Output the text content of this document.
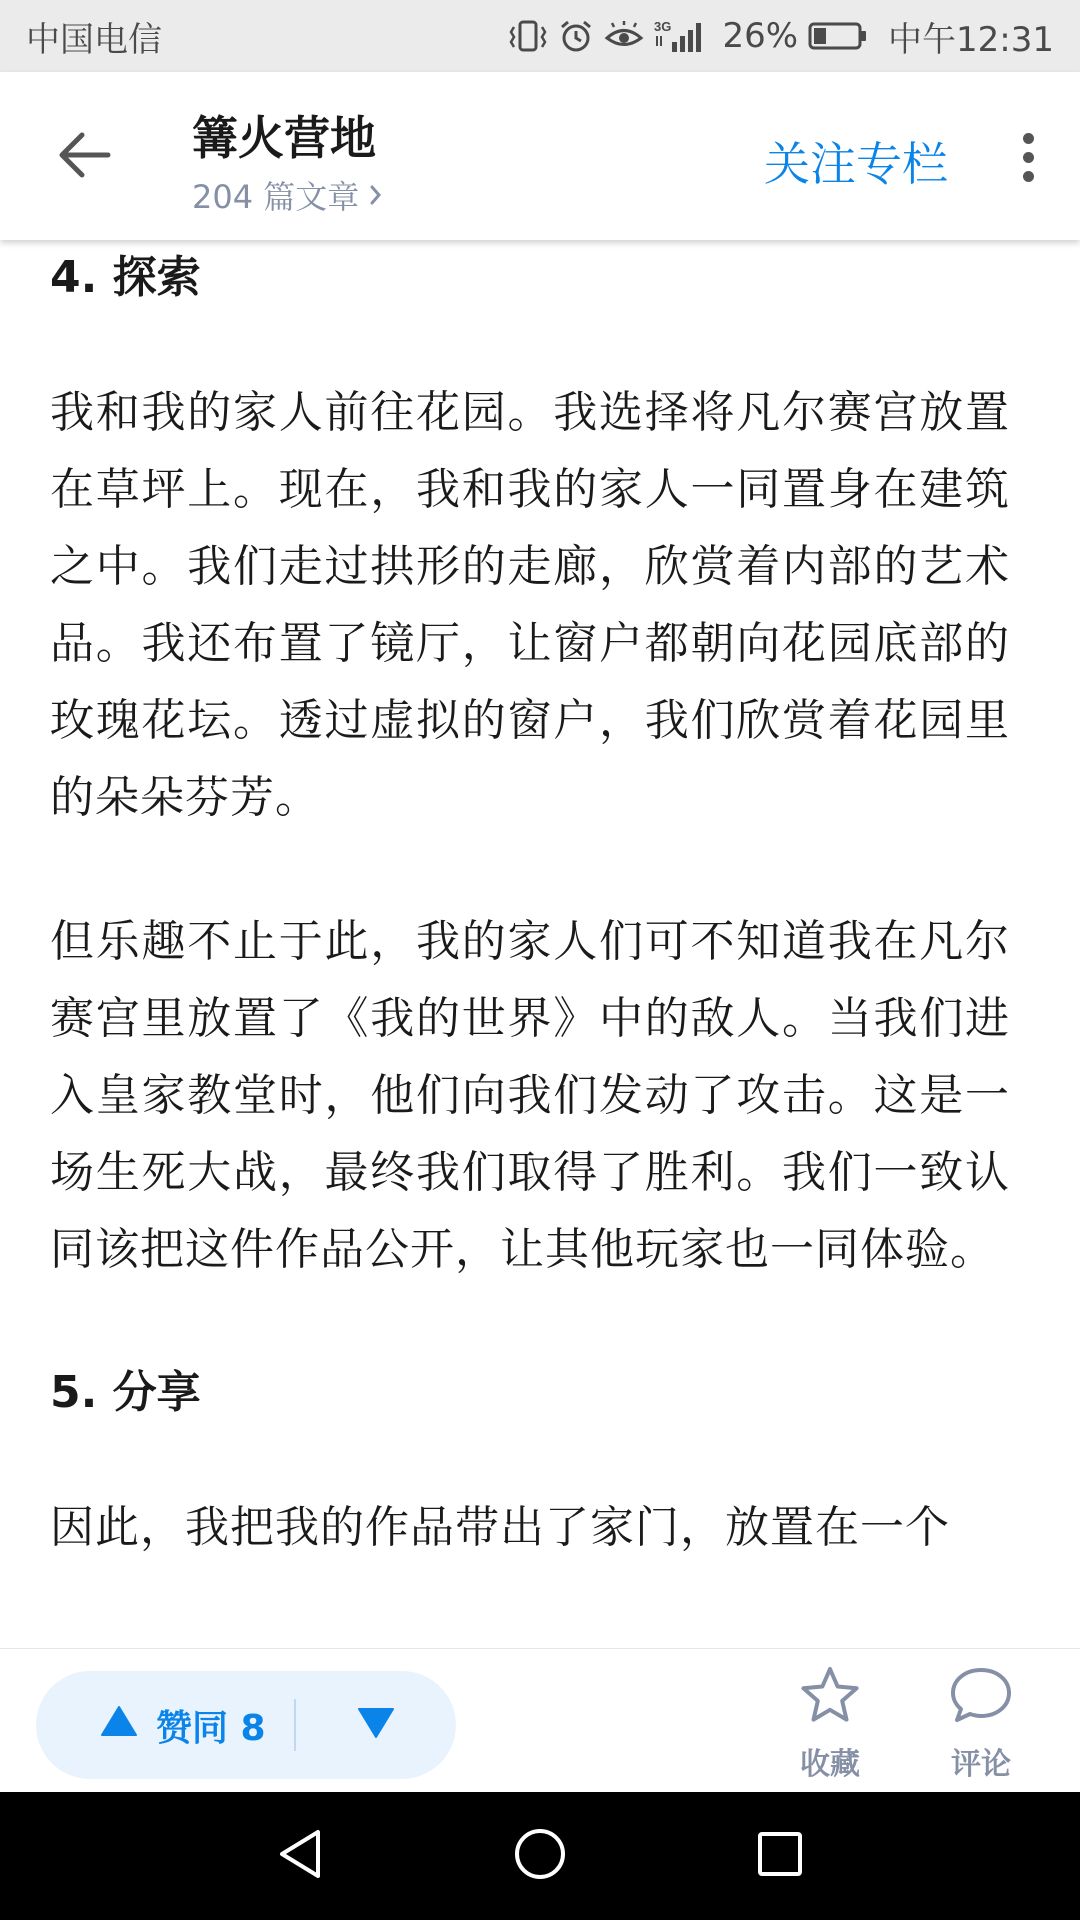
中国电信	3G 26%	中午12:31
篝火营地
204 篇文章
关注专栏

4. 探索

我和我的家人前往花园。我选择将凡尔赛宫放置在草坪上。现在，我和我的家人一同置身在建筑之中。我们走过拱形的走廊，欣赏着内部的艺术品。我还布置了镜厅，让窗户都朝向花园底部的玫瑰花坛。透过虚拟的窗户，我们欣赏着花园里的朵朵芬芳。

但乐趣不止于此，我的家人们可不知道我在凡尔赛宫里放置了《我的世界》中的敌人。当我们进入皇家教堂时，他们向我们发动了攻击。这是一场生死大战，最终我们取得了胜利。我们一致认同该把这件作品公开，让其他玩家也一同体验。

5. 分享

因此，我把我的作品带出了家门，放置在一个

赞同 8
收藏	评论
